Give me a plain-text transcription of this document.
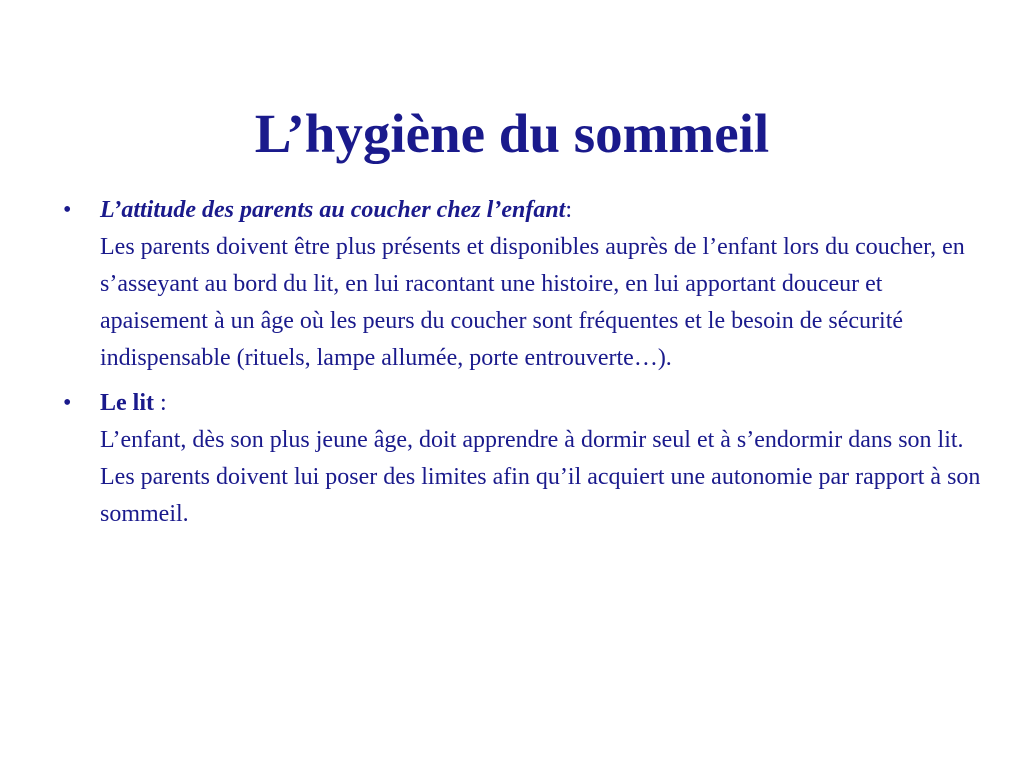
L’hygiène du sommeil
• L’attitude des parents au coucher chez l’enfant:
Les parents doivent être plus présents et disponibles auprès de l’enfant lors du coucher, en s’asseyant au bord du lit, en lui racontant une histoire, en lui apportant douceur et apaisement à un âge où les peurs du coucher sont fréquentes et le besoin de sécurité indispensable (rituels, lampe allumée, porte entrouverte…).
• Le lit :
L’enfant, dès son plus jeune âge, doit apprendre à dormir seul et à s’endormir dans son lit. Les parents doivent lui poser des limites afin qu’il acquiert une autonomie par rapport à son sommeil.
